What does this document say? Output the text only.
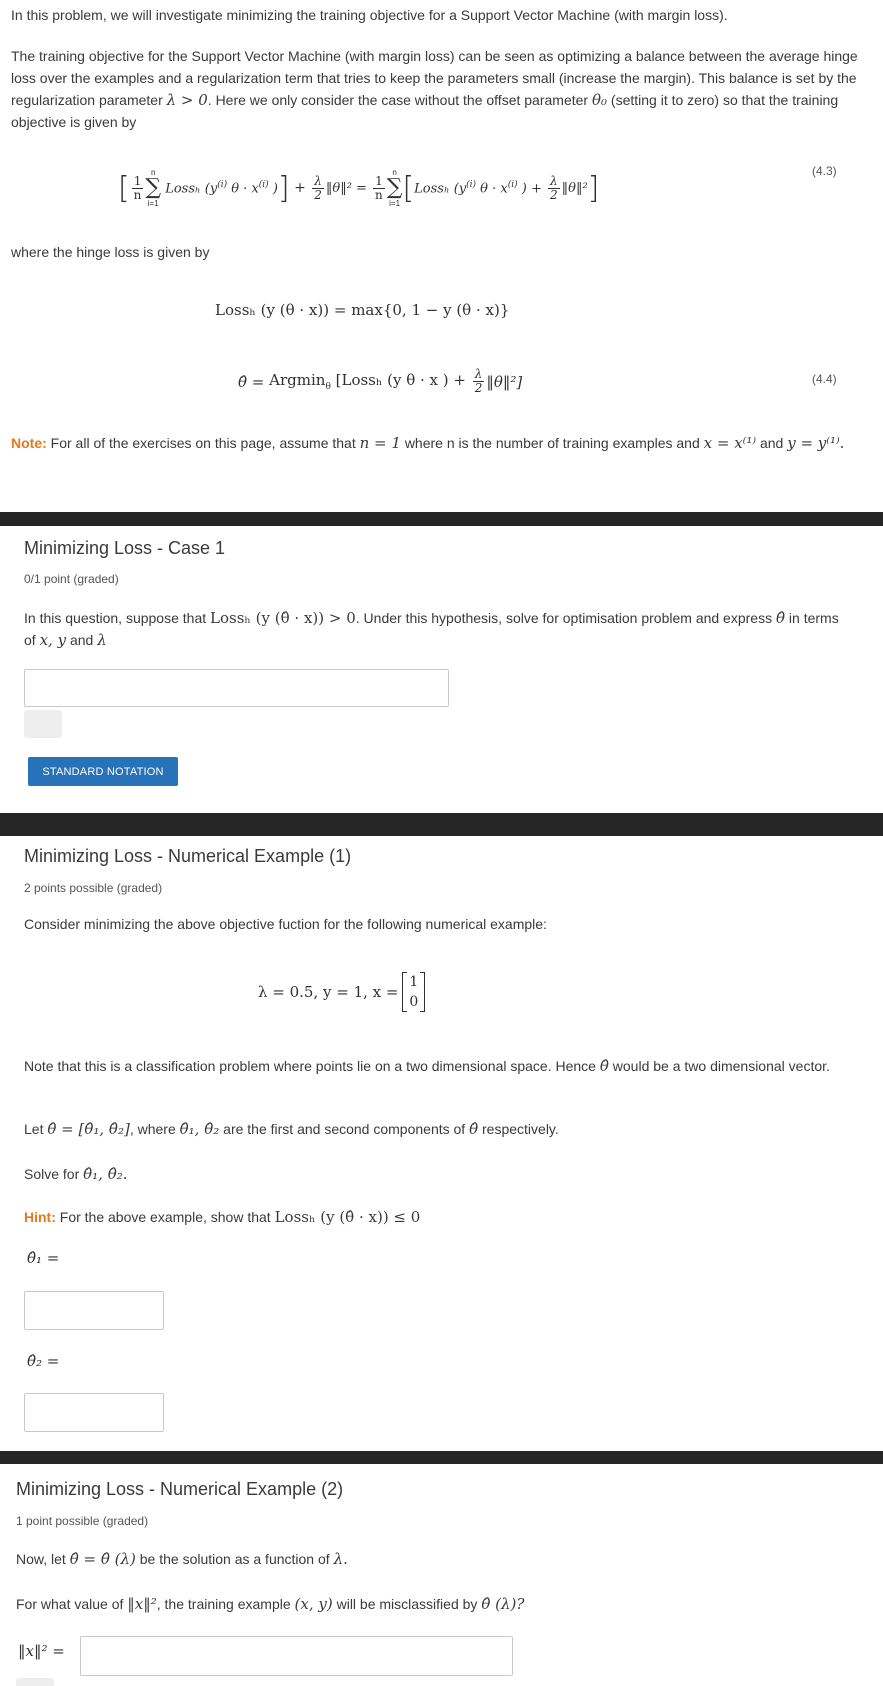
In this problem, we will investigate minimizing the training objective for a Support Vector Machine (with margin loss).

The training objective for the Support Vector Machine (with margin loss) can be seen as optimizing a balance between the average hinge loss over the examples and a regularization term that tries to keep the parameters small (increase the margin). This balance is set by the regularization parameter λ > 0. Here we only consider the case without the offset parameter θ₀ (setting it to zero) so that the training objective is given by

[ $\frac{1}{n}$
n
∑
i=1
Lossₕ ($y^{(i)}$ $\theta \cdot x^{(i)}$ ) ] + $\frac{\lambda}{2}$ ‖θ‖² = $\frac{1}{n}$
n
∑
i=1 [ Lossₕ ($y^{(i)}$ $\theta \cdot x^{(i)}$ ) + $\frac{\lambda}{2}$ ‖θ‖² ]	(4.3)

where the hinge loss is given by

Lossₕ (y (θ · x)) = max{0, 1 − y (θ · x)}
θ̂ = Argmin$_\theta$ [Lossₕ (y θ · x ) + $\frac{\lambda}{2}$ ‖θ‖²]	(4.4)

Note: For all of the exercises on this page, assume that n = 1 where n is the number of training examples and x = x⁽¹⁾ and y = y⁽¹⁾.

Minimizing Loss - Case 1
0/1 point (graded)

In this question, suppose that Lossₕ (y (θ̂ · x)) > 0. Under this hypothesis, solve for optimisation problem and express θ̂ in terms of x, y and λ

STANDARD NOTATION
Minimizing Loss - Numerical Example (1)
2 points possible (graded)

Consider minimizing the above objective fuction for the following numerical example:

λ = 0.5, y = 1, x =

1
0

Note that this is a classification problem where points lie on a two dimensional space. Hence θ̂ would be a two dimensional vector.

Let θ̂ = [θ̂₁, θ̂₂], where θ̂₁, θ̂₂ are the first and second components of θ̂ respectively.

Solve for θ̂₁, θ̂₂.

Hint: For the above example, show that Lossₕ (y (θ̂ · x)) ≤ 0

θ̂₁ =
θ̂₂ =
Minimizing Loss - Numerical Example (2)
1 point possible (graded)

Now, let θ̂ = θ̂ (λ) be the solution as a function of λ.

For what value of ‖x‖², the training example (x, y) will be misclassified by θ̂ (λ)?

‖x‖² =
